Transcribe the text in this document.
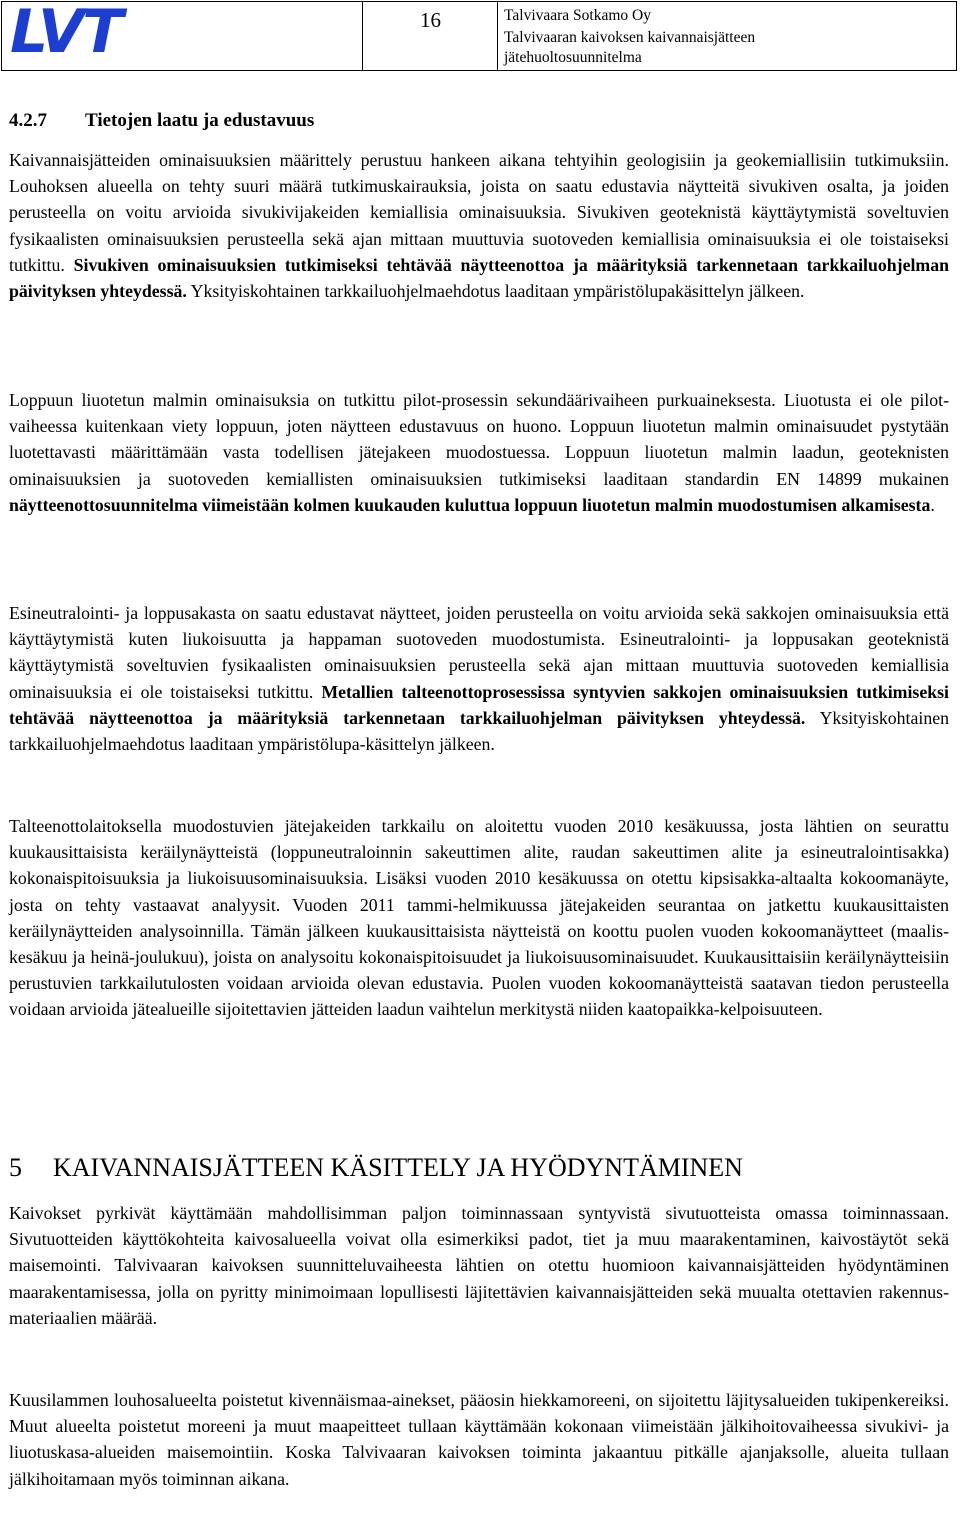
LVT	16	Talvivaara Sotkamo Oy
Talvivaaran kaivoksen kaivannaisjätteen
jätehuoltosuunnitelma
4.2.7 Tietojen laatu ja edustavuus
Kaivannaisjätteiden ominaisuuksien määrittely perustuu hankeen aikana tehtyihin geologisiin ja geokemiallisiin tutkimuksiin. Louhoksen alueella on tehty suuri määrä tutkimuskairauksia, joista on saatu edustavia näytteitä sivukiven osalta, ja joiden perusteella on voitu arvioida sivukivijakeiden kemiallisia ominaisuuksia. Sivukiven geoteknistä käyttäytymistä soveltuvien fysikaalisten ominaisuuksien perusteella sekä ajan mittaan muuttuvia suotoveden kemiallisia ominaisuuksia ei ole toistaiseksi tutkittu. Sivukiven ominaisuuksien tutkimiseksi tehtävää näytteenottoa ja määrityksiä tarkennetaan tarkkailuohjelman päivityksen yhteydessä. Yksityiskohtainen tarkkailuohjelmaehdotus laaditaan ympäristölupakäsittelyn jälkeen.
Loppuun liuotetun malmin ominaisuksia on tutkittu pilot-prosessin sekundäärivaiheen purkuaineksesta. Liuotusta ei ole pilot-vaiheessa kuitenkaan viety loppuun, joten näytteen edustavuus on huono. Loppuun liuotetun malmin ominaisuudet pystytään luotettavasti määrittämään vasta todellisen jätejakeen muodostuessa. Loppuun liuotetun malmin laadun, geoteknisten ominaisuuksien ja suotoveden kemiallisten ominaisuuksien tutkimiseksi laaditaan standardin EN 14899 mukainen näytteenottosuunnitelma viimeistään kolmen kuukauden kuluttua loppuun liuotetun malmin muodostumisen alkamisesta.
Esineutralointi- ja loppusakasta on saatu edustavat näytteet, joiden perusteella on voitu arvioida sekä sakkojen ominaisuuksia että käyttäytymistä kuten liukoisuutta ja happaman suotoveden muodostumista. Esineutralointi- ja loppusakan geoteknistä käyttäytymistä soveltuvien fysikaalisten ominaisuuksien perusteella sekä ajan mittaan muuttuvia suotoveden kemiallisia ominaisuuksia ei ole toistaiseksi tutkittu. Metallien talteenottoprosessissa syntyvien sakkojen ominaisuuksien tutkimiseksi tehtävää näytteenottoa ja määrityksiä tarkennetaan tarkkailuohjelman päivityksen yhteydessä. Yksityiskohtainen tarkkailuohjelmaehdotus laaditaan ympäristölupa-käsittelyn jälkeen.
Talteenottolaitoksella muodostuvien jätejakeiden tarkkailu on aloitettu vuoden 2010 kesäkuussa, josta lähtien on seurattu kuukausittaisista keräilynäytteistä (loppuneutraloinnin sakeuttimen alite, raudan sakeuttimen alite ja esineutralointisakka) kokonaispitoisuuksia ja liukoisuusominaisuuksia. Lisäksi vuoden 2010 kesäkuussa on otettu kipsisakka-altaalta kokoomanäyte, josta on tehty vastaavat analyysit. Vuoden 2011 tammi-helmikuussa jätejakeiden seurantaa on jatkettu kuukausittaisten keräilynäytteiden analysoinnilla. Tämän jälkeen kuukausittaisista näytteistä on koottu puolen vuoden kokoomanäytteet (maalis-kesäkuu ja heinä-joulukuu), joista on analysoitu kokonaispitoisuudet ja liukoisuusominaisuudet. Kuukausittaisiin keräilynäytteisiin perustuvien tarkkailutulosten voidaan arvioida olevan edustavia. Puolen vuoden kokoomanäytteistä saatavan tiedon perusteella voidaan arvioida jätealueille sijoitettavien jätteiden laadun vaihtelun merkitystä niiden kaatopaikka-kelpoisuuteen.
5 KAIVANNAISJÄTTEEN KÄSITTELY JA HYÖDYNTÄMINEN
Kaivokset pyrkivät käyttämään mahdollisimman paljon toiminnassaan syntyvistä sivutuotteista omassa toiminnassaan. Sivutuotteiden käyttökohteita kaivosalueella voivat olla esimerkiksi padot, tiet ja muu maarakentaminen, kaivostäytöt sekä maisemointi. Talvivaaran kaivoksen suunnitteluvaiheesta lähtien on otettu huomioon kaivannaisjätteiden hyödyntäminen maarakentamisessa, jolla on pyritty minimoimaan lopullisesti läjitettävien kaivannaisjätteiden sekä muualta otettavien rakennus-materiaalien määrää.
Kuusilammen louhosalueelta poistetut kivennäismaa-ainekset, pääosin hiekkamoreeni, on sijoitettu läjitysalueiden tukipenkereiksi. Muut alueelta poistetut moreeni ja muut maapeitteet tullaan käyttämään kokonaan viimeistään jälkihoitovaiheessa sivukivi- ja liuotuskasa-alueiden maisemointiin. Koska Talvivaaran kaivoksen toiminta jakaantuu pitkälle ajanjaksolle, alueita tullaan jälkihoitamaan myös toiminnan aikana.
